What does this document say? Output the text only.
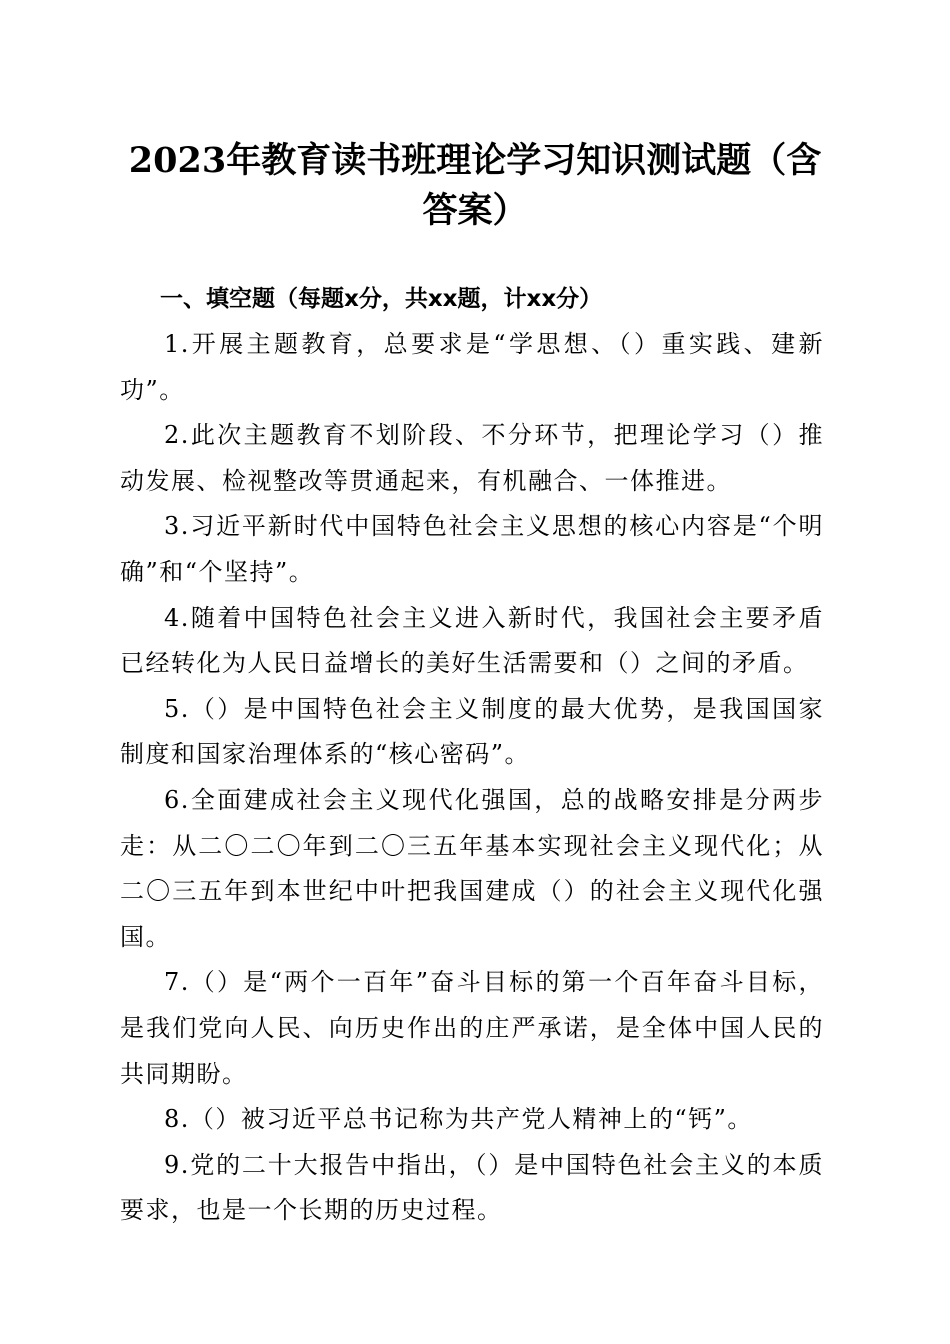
2023年教育读书班理论学习知识测试题（含答案）

一、填空题（每题x分，共xx题，计xx分）

1.开展主题教育，总要求是“学思想、（）重实践、建新功”。

2.此次主题教育不划阶段、不分环节，把理论学习（）推动发展、检视整改等贯通起来，有机融合、一体推进。

3.习近平新时代中国特色社会主义思想的核心内容是“个明确”和“个坚持”。

4.随着中国特色社会主义进入新时代，我国社会主要矛盾已经转化为人民日益增长的美好生活需要和（）之间的矛盾。

5.（）是中国特色社会主义制度的最大优势，是我国国家制度和国家治理体系的“核心密码”。

6.全面建成社会主义现代化强国，总的战略安排是分两步走：从二〇二〇年到二〇三五年基本实现社会主义现代化；从二〇三五年到本世纪中叶把我国建成（）的社会主义现代化强国。

7.（）是“两个一百年”奋斗目标的第一个百年奋斗目标，是我们党向人民、向历史作出的庄严承诺，是全体中国人民的共同期盼。

8.（）被习近平总书记称为共产党人精神上的“钙”。

9.党的二十大报告中指出，（）是中国特色社会主义的本质要求，也是一个长期的历史过程。
